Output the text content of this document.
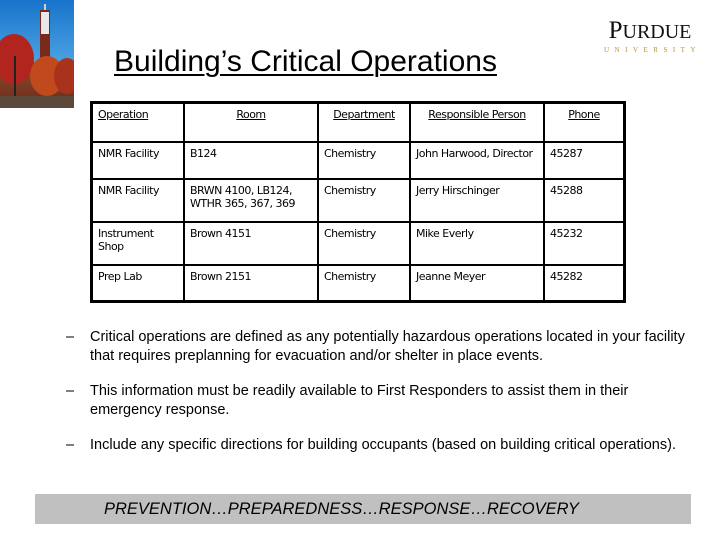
PURDUE
UNIVERSITY
Building’s Critical Operations
Operation	Room	Department	Responsible Person	Phone
NMR Facility	B124	Chemistry	John Harwood, Director	45287
NMR Facility	BRWN 4100, LB124, WTHR 365, 367, 369	Chemistry	Jerry Hirschinger	45288
Instrument Shop	Brown 4151	Chemistry	Mike Everly	45232
Prep Lab	Brown 2151	Chemistry	Jeanne Meyer	45282
–	Critical operations are defined as any potentially hazardous operations located in your facility that requires preplanning for evacuation and/or shelter in place events.
–	This information must be readily available to First Responders to assist them in their emergency response.
–	Include any specific directions for building occupants (based on building critical operations).
PREVENTION…PREPAREDNESS…RESPONSE…RECOVERY
